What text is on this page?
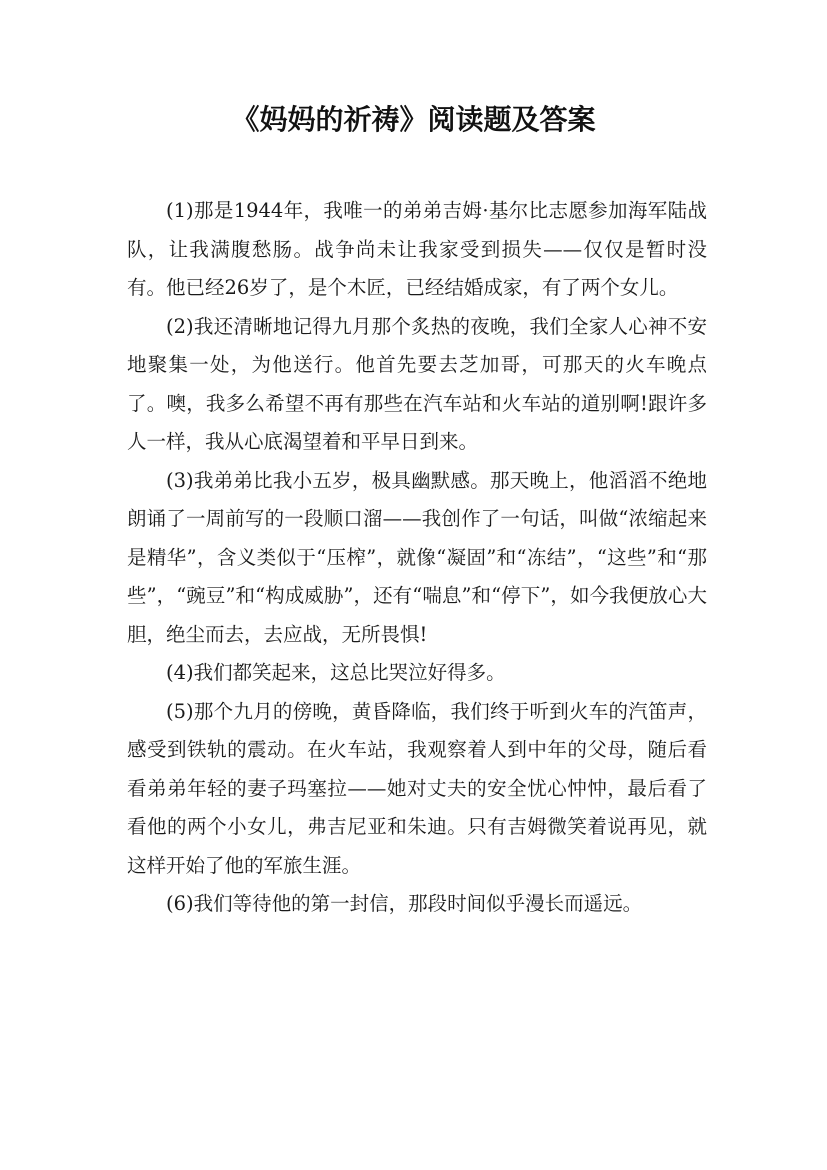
《妈妈的祈祷》阅读题及答案

(1)那是1944年，我唯一的弟弟吉姆·基尔比志愿参加海军陆战队，让我满腹愁肠。战争尚未让我家受到损失——仅仅是暂时没有。他已经26岁了，是个木匠，已经结婚成家，有了两个女儿。

(2)我还清晰地记得九月那个炙热的夜晚，我们全家人心神不安地聚集一处，为他送行。他首先要去芝加哥，可那天的火车晚点了。噢，我多么希望不再有那些在汽车站和火车站的道别啊!跟许多人一样，我从心底渴望着和平早日到来。

(3)我弟弟比我小五岁，极具幽默感。那天晚上，他滔滔不绝地朗诵了一周前写的一段顺口溜——我创作了一句话，叫做“浓缩起来是精华”，含义类似于“压榨”，就像“凝固”和“冻结”，“这些”和“那些”，“豌豆”和“构成威胁”，还有“喘息”和“停下”，如今我便放心大胆，绝尘而去，去应战，无所畏惧!

(4)我们都笑起来，这总比哭泣好得多。

(5)那个九月的傍晚，黄昏降临，我们终于听到火车的汽笛声，感受到铁轨的震动。在火车站，我观察着人到中年的父母，随后看看弟弟年轻的妻子玛塞拉——她对丈夫的安全忧心忡忡，最后看了看他的两个小女儿，弗吉尼亚和朱迪。只有吉姆微笑着说再见，就这样开始了他的军旅生涯。

(6)我们等待他的第一封信，那段时间似乎漫长而遥远。
